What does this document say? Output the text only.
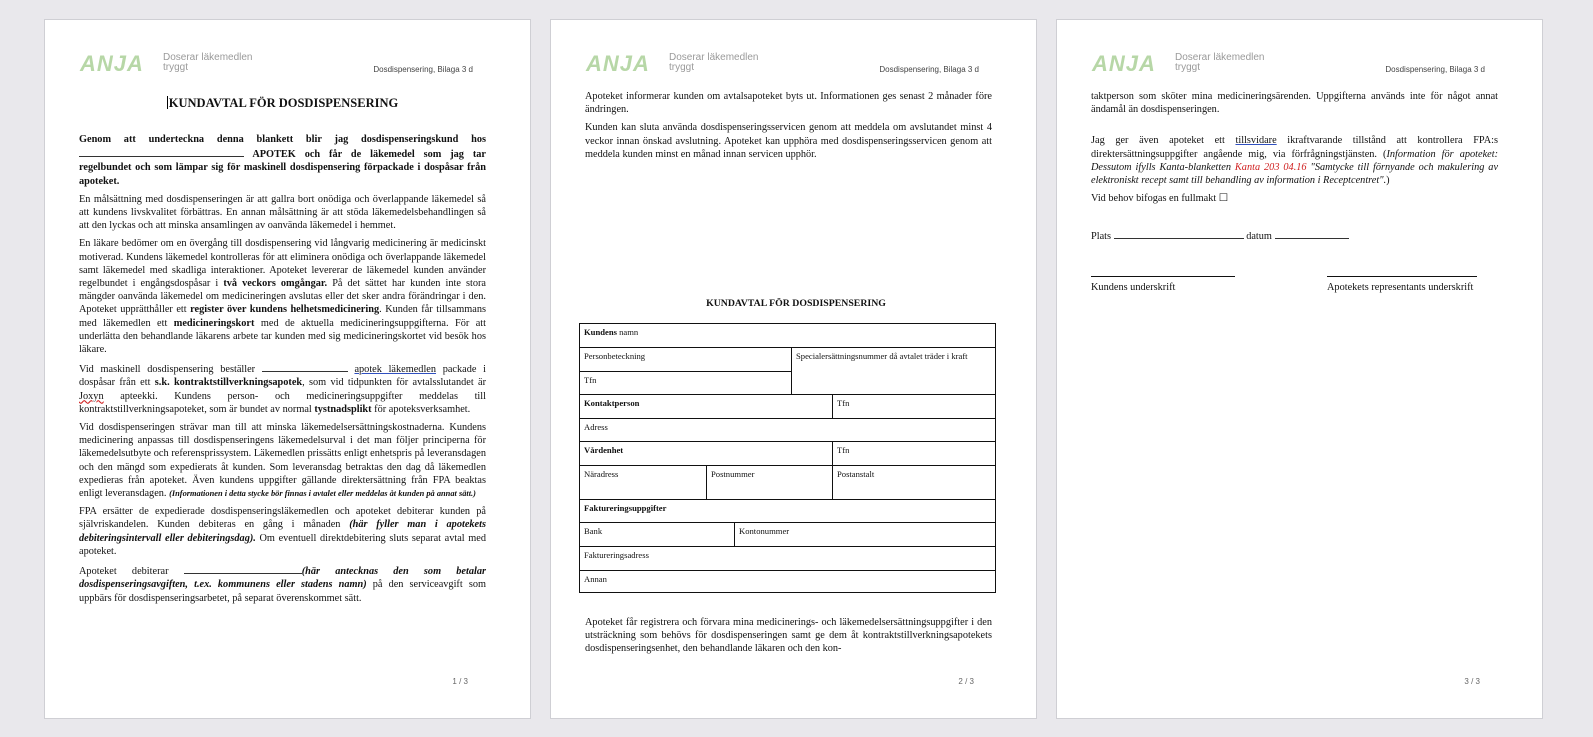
ANJA Doserar läkemedlen
tryggt	Dosdispensering, Bilaga 3 d
KUNDAVTAL FÖR DOSDISPENSERING

Genom att underteckna denna blankett blir jag dosdispenseringskund hos  APOTEK och får de läkemedel som jag tar regelbundet och som lämpar sig för maskinell dosdispensering förpackade i dospåsar från apoteket.

En målsättning med dosdispenseringen är att gallra bort onödiga och överlappande läkemedel så att kundens livskvalitet förbättras. En annan målsättning är att stöda läkemedelsbehandlingen så att den lyckas och att minska ansamlingen av oanvända läkemedel i hemmet.

En läkare bedömer om en övergång till dosdispensering vid långvarig medicinering är medicinskt motiverad. Kundens läkemedel kontrolleras för att eliminera onödiga och överlappande läkemedel samt läkemedel med skadliga interaktioner. Apoteket levererar de läkemedel kunden använder regelbundet i engångsdospåsar i två veckors omgångar. På det sättet har kunden inte stora mängder oanvända läkemedel om medicineringen avslutas eller det sker andra förändringar i den. Apoteket upprätthåller ett register över kundens helhetsmedicinering. Kunden får tillsammans med läkemedlen ett medicineringskort med de aktuella medicineringsuppgifterna. För att underlätta den behandlande läkarens arbete tar kunden med sig medicineringskortet vid besök hos läkare.

Vid maskinell dosdispensering beställer	apotek läkemedlen packade i dospåsar från ett s.k. kontraktstillverkningsapotek, som vid tidpunkten för avtalsslutandet är Joxyn apteekki. Kundens person- och medicineringsuppgifter meddelas till kontraktstillverkningsapoteket, som är bundet av normal tystnadsplikt för apoteksverksamhet.

Vid dosdispenseringen strävar man till att minska läkemedelsersättningskostnaderna. Kundens medicinering anpassas till dosdispenseringens läkemedelsurval i det man följer principerna för läkemedelsutbyte och referensprissystem. Läkemedlen prissätts enligt enhetspris på leveransdagen och den mängd som expedierats åt kunden. Som leveransdag betraktas den dag då läkemedlen expedieras från apoteket. Även kundens uppgifter gällande direktersättning från FPA beaktas enligt leveransdagen. (Informationen i detta stycke bör finnas i avtalet eller meddelas åt kunden på annat sätt.)

FPA ersätter de expedierade dosdispenseringsläkemedlen och apoteket debiterar kunden på självriskandelen. Kunden debiteras en gång i månaden (här fyller man i apotekets debiteringsintervall eller debiteringsdag). Om eventuell direktdebitering sluts separat avtal med apoteket.

Apoteket debiterar	(här antecknas den som betalar dosdispenseringsavgiften, t.ex. kommunens eller stadens namn) på den serviceavgift som uppbärs för dosdispenseringsarbetet, på separat överenskommet sätt.

1 / 3
ANJA Doserar läkemedlen
tryggt	Dosdispensering, Bilaga 3 d

Apoteket informerar kunden om avtalsapoteket byts ut. Informationen ges senast 2 månader före ändringen.

Kunden kan sluta använda dosdispenseringsservicen genom att meddela om avslutandet minst 4 veckor innan önskad avslutning. Apoteket kan upphöra med dosdispenseringsservicen genom att meddela kunden minst en månad innan servicen upphör.

KUNDAVTAL FÖR DOSDISPENSERING
Kundens namn
Personbeteckning	Specialersättningsnummer då avtalet träder i kraft
Tfn
Kontaktperson	Tfn
Adress
Vårdenhet	Tfn
Näradress	Postnummer	Postanstalt
Faktureringsuppgifter
Bank	Kontonummer
Faktureringsadress
Annan

Apoteket får registrera och förvara mina medicinerings- och läkemedelsersättningsuppgifter i den utsträckning som behövs för dosdispenseringen samt ge dem åt kontraktstillverkningsapotekets dosdispenseringsenhet, den behandlande läkaren och den kon-

2 / 3
ANJA Doserar läkemedlen
tryggt	Dosdispensering, Bilaga 3 d

taktperson som sköter mina medicineringsärenden. Uppgifterna används inte för något annat ändamål än dosdispenseringen.

Jag ger även apoteket ett tillsvidare ikraftvarande tillstånd att kontrollera FPA:s direktersättningsuppgifter angående mig, via förfrågningstjänsten. (Information för apoteket: Dessutom ifylls Kanta-blanketten Kanta 203 04.16 "Samtycke till förnyande och makulering av elektroniskt recept samt till behandling av information i Receptcentret".)

Vid behov bifogas en fullmakt ☐

Plats	datum
Kundens underskrift	Apotekets representants underskrift
3 / 3
